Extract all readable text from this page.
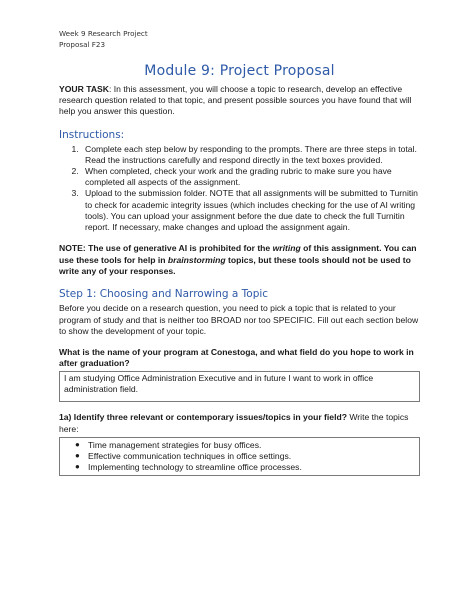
Week 9 Research Project
Proposal F23
Module 9: Project Proposal
YOUR TASK: In this assessment, you will choose a topic to research, develop an effective research question related to that topic, and present possible sources you have found that will help you answer this question.
Instructions:
1. Complete each step below by responding to the prompts. There are three steps in total. Read the instructions carefully and respond directly in the text boxes provided.
2. When completed, check your work and the grading rubric to make sure you have completed all aspects of the assignment.
3. Upload to the submission folder. NOTE that all assignments will be submitted to Turnitin to check for academic integrity issues (which includes checking for the use of AI writing tools). You can upload your assignment before the due date to check the full Turnitin report. If necessary, make changes and upload the assignment again.
NOTE: The use of generative AI is prohibited for the writing of this assignment. You can use these tools for help in brainstorming topics, but these tools should not be used to write any of your responses.
Step 1: Choosing and Narrowing a Topic
Before you decide on a research question, you need to pick a topic that is related to your program of study and that is neither too BROAD nor too SPECIFIC. Fill out each section below to show the development of your topic.
What is the name of your program at Conestoga, and what field do you hope to work in after graduation?
I am studying Office Administration Executive and in future I want to work in office administration field.
1a) Identify three relevant or contemporary issues/topics in your field? Write the topics here:
● Time management strategies for busy offices.
● Effective communication techniques in office settings.
● Implementing technology to streamline office processes.
